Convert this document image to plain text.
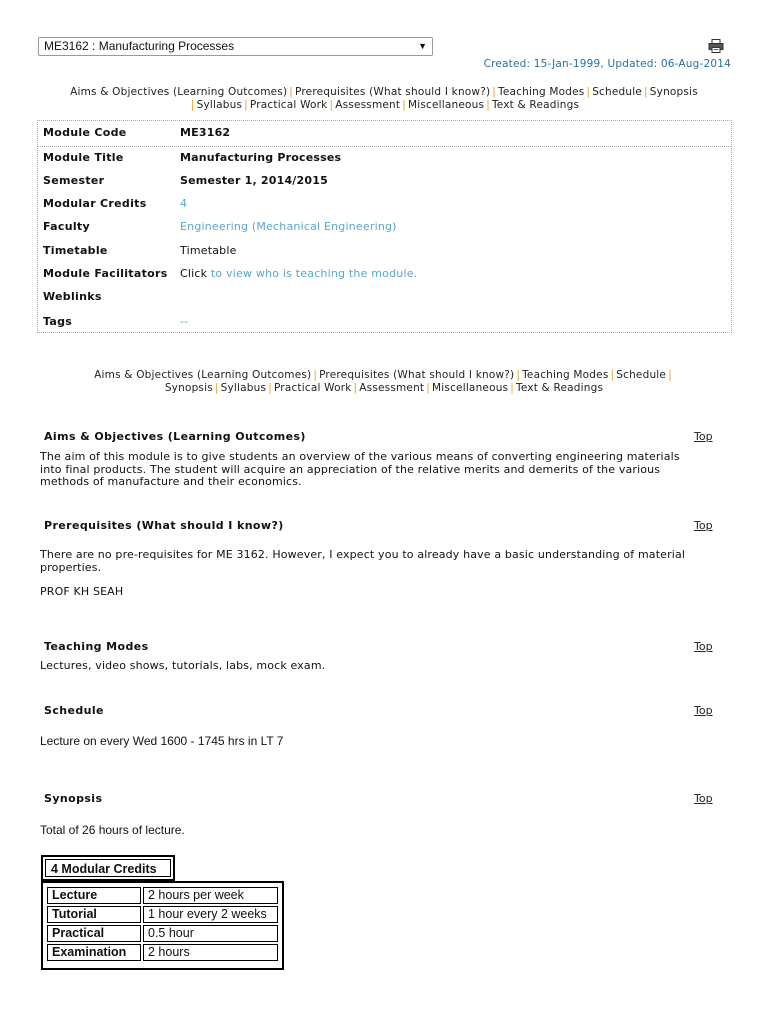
ME3162 : Manufacturing Processes	▼
Created: 15-Jan-1999, Updated: 06-Aug-2014
Aims & Objectives (Learning Outcomes) | Prerequisites (What should I know?) | Teaching Modes | Schedule | Synopsis
| Syllabus | Practical Work | Assessment | Miscellaneous | Text & Readings
Module Code	ME3162
Module Title	Manufacturing Processes
Semester	Semester 1, 2014/2015
Modular Credits	4
Faculty	Engineering (Mechanical Engineering)
Timetable	Timetable
Module Facilitators	Click to view who is teaching the module.
Weblinks
Tags	--
Aims & Objectives (Learning Outcomes) | Prerequisites (What should I know?) | Teaching Modes | Schedule |
Synopsis | Syllabus | Practical Work | Assessment | Miscellaneous | Text & Readings
Aims & Objectives (Learning Outcomes)	Top
The aim of this module is to give students an overview of the various means of converting engineering materials
into final products. The student will acquire an appreciation of the relative merits and demerits of the various
methods of manufacture and their economics.
Prerequisites (What should I know?)	Top
There are no pre-requisites for ME 3162. However, I expect you to already have a basic understanding of material
properties.
PROF KH SEAH
Teaching Modes	Top
Lectures, video shows, tutorials, labs, mock exam.
Schedule	Top
Lecture on every Wed 1600 - 1745 hrs in LT 7
Synopsis	Top
Total of 26 hours of lecture.
4 Modular Credits
Lecture	2 hours per week
Tutorial	1 hour every 2 weeks
Practical	0.5 hour
Examination	2 hours
